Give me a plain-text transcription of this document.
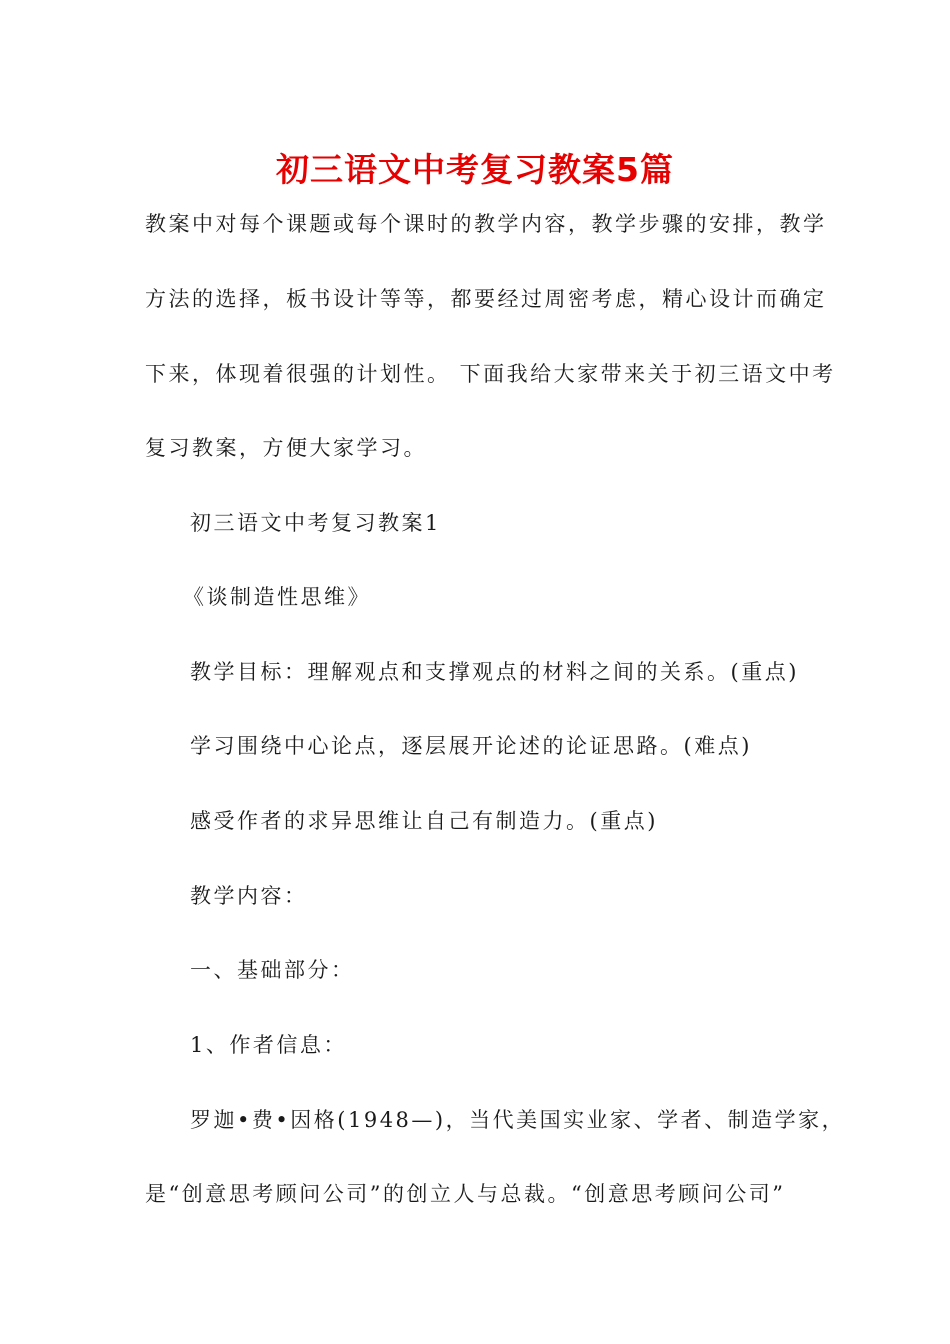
初三语文中考复习教案5篇

教案中对每个课题或每个课时的教学内容，教学步骤的安排，教学

方法的选择，板书设计等等，都要经过周密考虑，精心设计而确定

下来，体现着很强的计划性。 下面我给大家带来关于初三语文中考

复习教案，方便大家学习。

初三语文中考复习教案1

《谈制造性思维》

教学目标：理解观点和支撑观点的材料之间的关系。(重点)

学习围绕中心论点，逐层展开论述的论证思路。(难点)

感受作者的求异思维让自己有制造力。(重点)

教学内容：

一、基础部分：

1、作者信息：

罗迦•费•因格(1948—)，当代美国实业家、学者、制造学家，

是“创意思考顾问公司”的创立人与总裁。“创意思考顾问公司”
